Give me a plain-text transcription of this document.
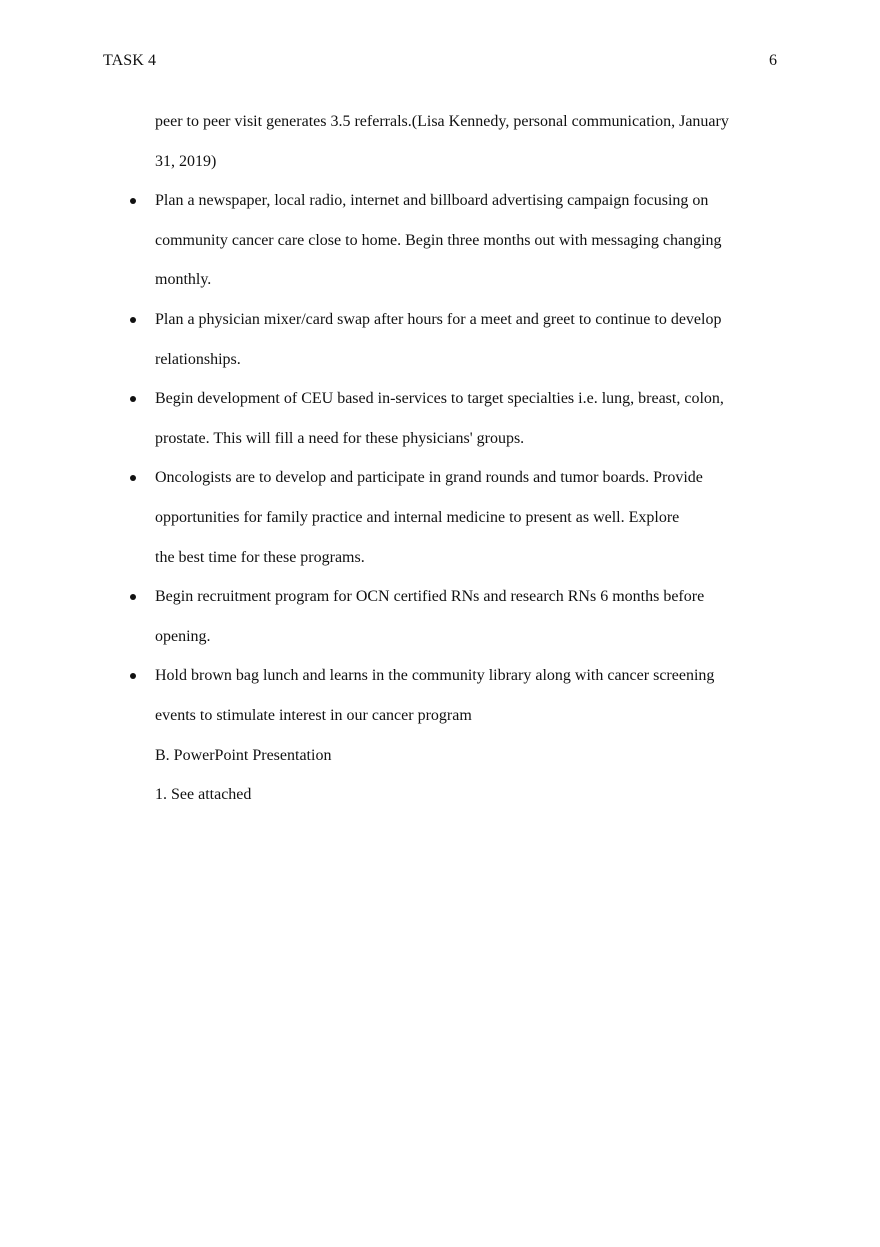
TASK 4	6
peer to peer visit generates 3.5 referrals.(Lisa Kennedy, personal communication, January
31, 2019)
Plan a newspaper, local radio, internet and billboard advertising campaign focusing on
community cancer care close to home. Begin three months out with messaging changing
monthly.
Plan a physician mixer/card swap after hours for a meet and greet to continue to develop
relationships.
Begin development of CEU based in-services to target specialties i.e. lung, breast, colon,
prostate. This will fill a need for these physicians' groups.
Oncologists are to develop and participate in grand rounds and tumor boards. Provide
opportunities for family practice and internal medicine to present as well. Explore
the best time for these programs.
Begin recruitment program for OCN certified RNs and research RNs 6 months before
opening.
Hold brown bag lunch and learns in the community library along with cancer screening
events to stimulate interest in our cancer program
B. PowerPoint Presentation
1. See attached
